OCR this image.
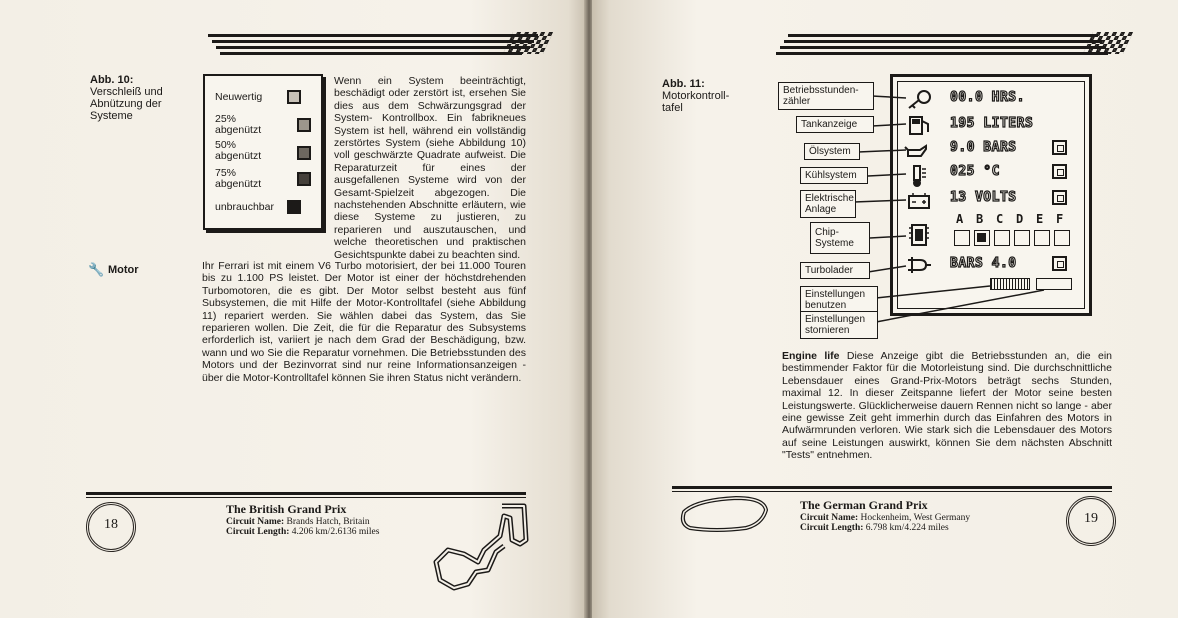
Abb. 10:
Verschleiß und Abnützung der Systeme
Neuwertig
25% abgenützt
50% abgenützt
75% abgenützt
unbrauchbar
Wenn ein System beeinträchtigt, beschädigt oder zerstört ist, ersehen Sie dies aus dem Schwärzungsgrad der System- Kontrollbox. Ein fabrikneues System ist hell, während ein vollständig zerstörtes System (siehe Abbildung 10) voll geschwärzte Quadrate aufweist. Die Reparaturzeit für eines der ausgefallenen Systeme wird von der Gesamt-Spielzeit abgezogen. Die nachstehenden Abschnitte erläutern, wie diese Systeme zu justieren, zu reparieren und auszutauschen, und welche theoretischen und praktischen Gesichtspunkte dabei zu beachten sind.
🔧 Motor	Ihr Ferrari ist mit einem V6 Turbo motorisiert, der bei 11.000 Touren bis zu 1.100 PS leistet. Der Motor ist einer der höchstdrehenden Turbomotoren, die es gibt. Der Motor selbst besteht aus fünf Subsystemen, die mit Hilfe der Motor-Kontrolltafel (siehe Abbildung 11) repariert werden. Sie wählen dabei das System, das Sie reparieren wollen. Die Zeit, die für die Reparatur des Subsystems erforderlich ist, variiert je nach dem Grad der Beschädigung, bzw. wann und wo Sie die Reparatur vornehmen. Die Betriebsstunden des Motors und der Bezinvorrat sind nur reine Informationsanzeigen - über die Motor-Kontrolltafel können Sie ihren Status nicht verändern.
18
The British Grand Prix
Circuit Name: Brands Hatch, Britain
Circuit Length: 4.206 km/2.6136 miles
Abb. 11:
Motorkontroll-tafel
00.0 HRS.
195 LITERS
9.0 BARS
025 °C
13 VOLTS
A B C D E F
BARS 4.0
Betriebsstunden-zähler
Tankanzeige
Ölsystem
Kühlsystem
Elektrische Anlage
Chip-Systeme
Turbolader
Einstellungen benutzen
Einstellungen stornieren
Engine life Diese Anzeige gibt die Betriebsstunden an, die ein bestimmender Faktor für die Motorleistung sind. Die durchschnittliche Lebensdauer eines Grand-Prix-Motors beträgt sechs Stunden, maximal 12. In dieser Zeitspanne liefert der Motor seine besten Leistungswerte. Glücklicherweise dauern Rennen nicht so lange - aber eine gewisse Zeit geht immerhin durch das Einfahren des Motors in Aufwärmrunden verloren. Wie stark sich die Lebensdauer des Motors auf seine Leistungen auswirkt, können Sie dem nächsten Abschnitt "Tests" entnehmen.
The German Grand Prix
Circuit Name: Hockenheim, West Germany
Circuit Length: 6.798 km/4.224 miles
19
